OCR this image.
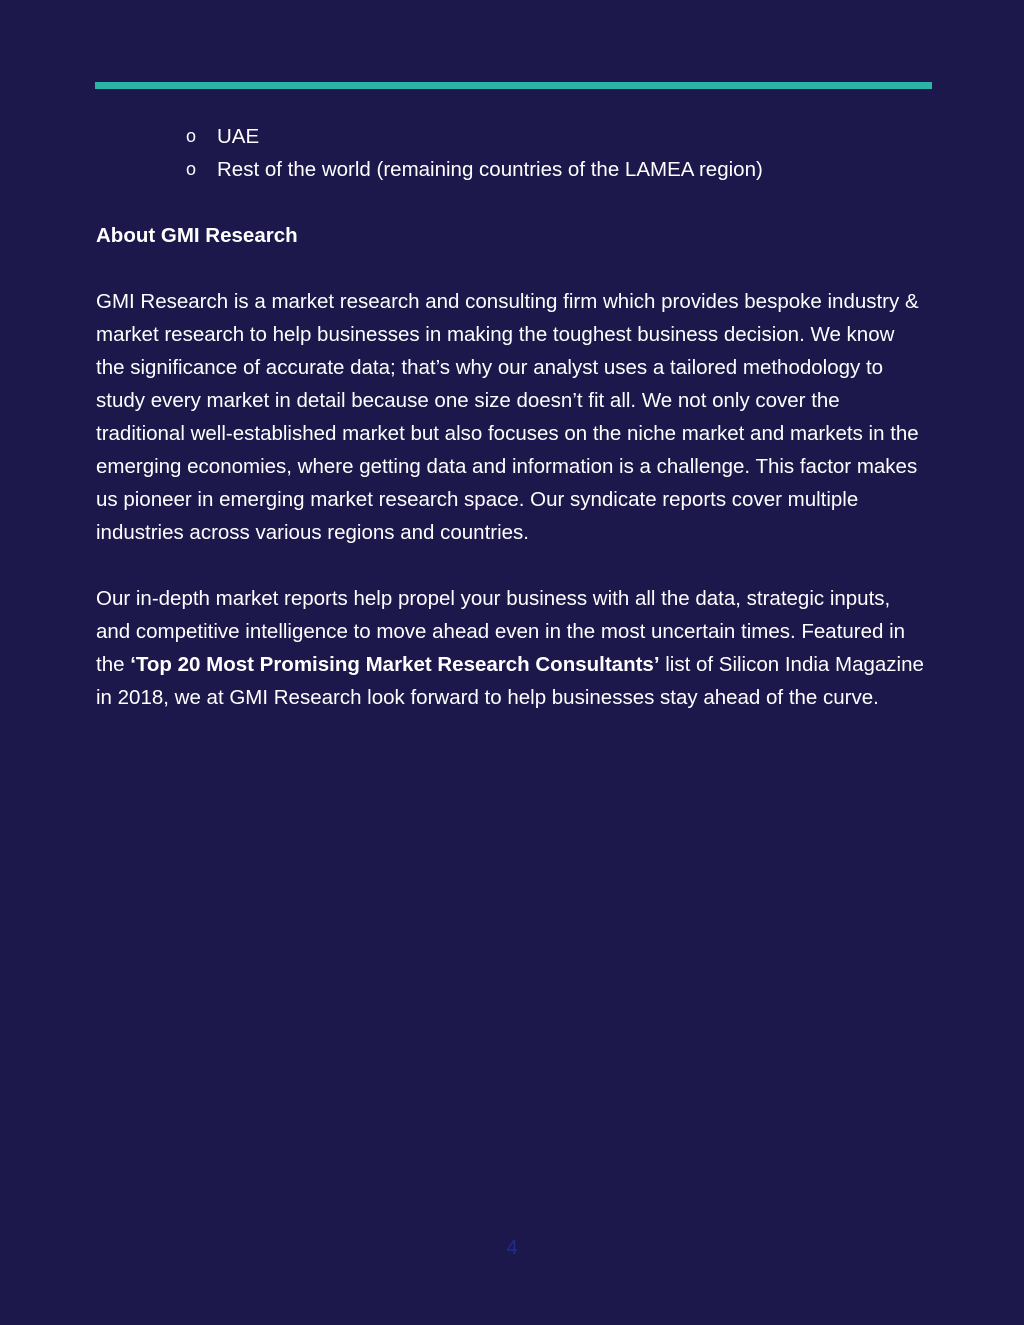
o UAE
o Rest of the world (remaining countries of the LAMEA region)
About GMI Research

GMI Research is a market research and consulting firm which provides bespoke industry & market research to help businesses in making the toughest business decision. We know the significance of accurate data; that’s why our analyst uses a tailored methodology to study every market in detail because one size doesn’t fit all. We not only cover the traditional well-established market but also focuses on the niche market and markets in the emerging economies, where getting data and information is a challenge. This factor makes us pioneer in emerging market research space. Our syndicate reports cover multiple industries across various regions and countries.

Our in-depth market reports help propel your business with all the data, strategic inputs, and competitive intelligence to move ahead even in the most uncertain times. Featured in the ‘Top 20 Most Promising Market Research Consultants’ list of Silicon India Magazine in 2018, we at GMI Research look forward to help businesses stay ahead of the curve.

4
